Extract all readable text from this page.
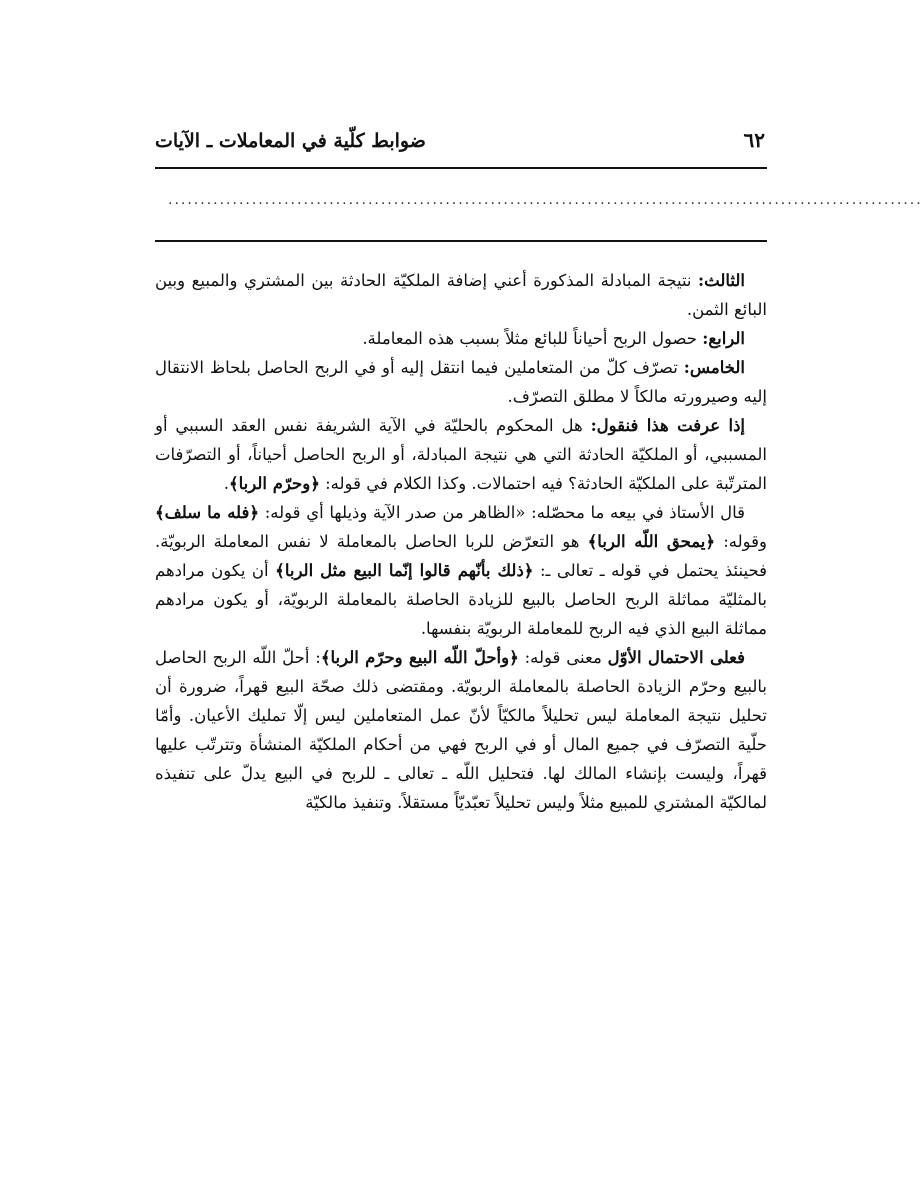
٦٢
ضوابط كلّية في المعاملات ـ الآيات
.....................................................................................................................

الثالث: نتيجة المبادلة المذكورة أعني إضافة الملكيّة الحادثة بين المشتري والمبيع وبين البائع الثمن.

الرابع: حصول الربح أحياناً للبائع مثلاً بسبب هذه المعاملة.

الخامس: تصرّف كلّ من المتعاملين فيما انتقل إليه أو في الربح الحاصل بلحاظ الانتقال إليه وصيرورته مالكاً لا مطلق التصرّف.

إذا عرفت هذا فنقول: هل المحكوم بالحليّة في الآية الشريفة نفس العقد السببي أو المسببي، أو الملكيّة الحادثة التي هي نتيجة المبادلة، أو الربح الحاصل أحياناً، أو التصرّفات المترتّبة على الملكيّة الحادثة؟ فيه احتمالات. وكذا الكلام في قوله: ﴿وحرّم الربا﴾.

قال الأستاذ في بيعه ما محصّله: «الظاهر من صدر الآية وذيلها أي قوله: ﴿فله ما سلف﴾ وقوله: ﴿يمحق اللّه الربا﴾ هو التعرّض للربا الحاصل بالمعاملة لا نفس المعاملة الربويّة. فحينئذ يحتمل في قوله ـ تعالى ـ: ﴿ذلك بأنّهم قالوا إنّما البيع مثل الربا﴾ أن يكون مرادهم بالمثليّة مماثلة الربح الحاصل بالبيع للزيادة الحاصلة بالمعاملة الربويّة، أو يكون مرادهم مماثلة البيع الذي فيه الربح للمعاملة الربويّة بنفسها.

فعلى الاحتمال الأوّل معنى قوله: ﴿وأحلّ اللّه البيع وحرّم الربا﴾: أحلّ اللّه الربح الحاصل بالبيع وحرّم الزيادة الحاصلة بالمعاملة الربويّة. ومقتضى ذلك صحّة البيع قهراً، ضرورة أن تحليل نتيجة المعاملة ليس تحليلاً مالكيّاً لأنّ عمل المتعاملين ليس إلّا تمليك الأعيان. وأمّا حلّية التصرّف في جميع المال أو في الربح فهي من أحكام الملكيّة المنشأة وتترتّب عليها قهراً، وليست بإنشاء المالك لها. فتحليل اللّه ـ تعالى ـ للربح في البيع يدلّ على تنفيذه لمالكيّة المشتري للمبيع مثلاً وليس تحليلاً تعبّديّاً مستقلاً. وتنفيذ مالكيّة
